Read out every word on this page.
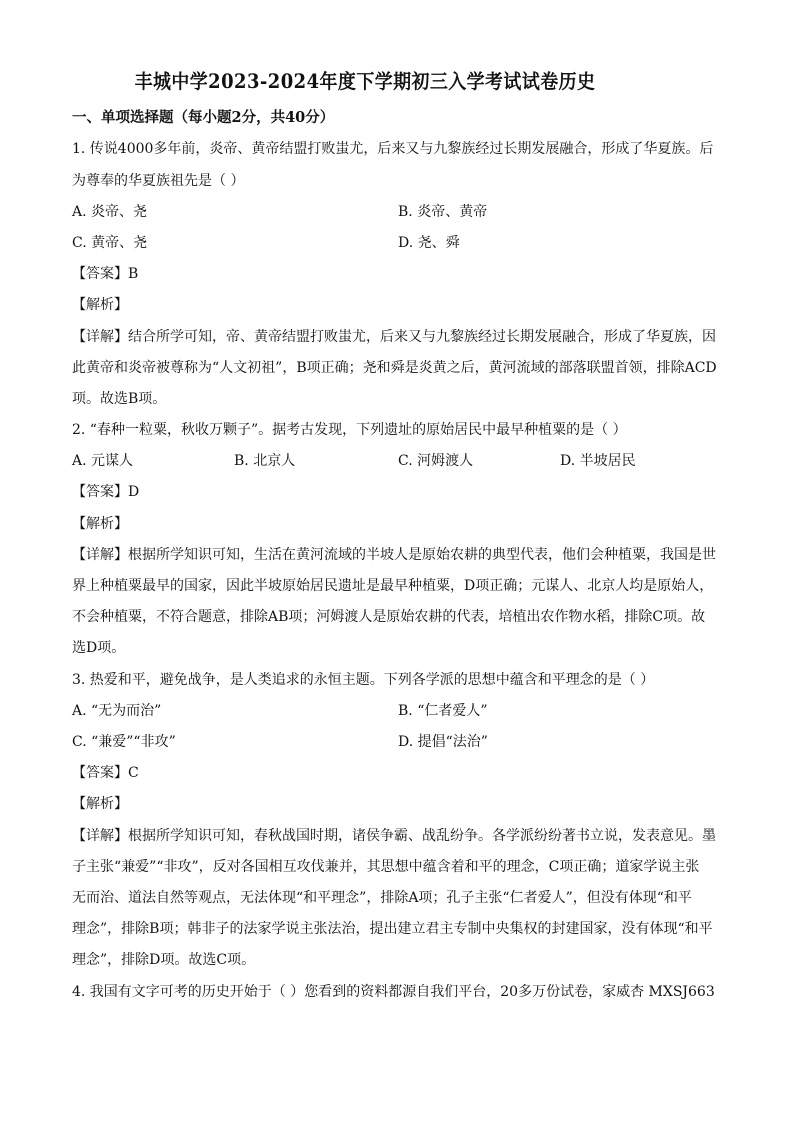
丰城中学2023-2024年度下学期初三入学考试试卷历史
一、单项选择题（每小题2分，共40分）
1. 传说4000多年前，炎帝、黄帝结盟打败蚩尤，后来又与九黎族经过长期发展融合，形成了华夏族。后
为尊奉的华夏族祖先是（ ）
A. 炎帝、尧	B. 炎帝、黄帝
C. 黄帝、尧	D. 尧、舜
【答案】B
【解析】
【详解】结合所学可知，帝、黄帝结盟打败蚩尤，后来又与九黎族经过长期发展融合，形成了华夏族，因
此黄帝和炎帝被尊称为“人文初祖”，B项正确；尧和舜是炎黄之后，黄河流域的部落联盟首领，排除ACD
项。故选B项。
2. “春种一粒粟，秋收万颗子”。据考古发现，下列遗址的原始居民中最早种植粟的是（ ）
A. 元谋人	B. 北京人	C. 河姆渡人	D. 半坡居民
【答案】D
【解析】
【详解】根据所学知识可知，生活在黄河流域的半坡人是原始农耕的典型代表，他们会种植粟，我国是世
界上种植粟最早的国家，因此半坡原始居民遗址是最早种植粟，D项正确；元谋人、北京人均是原始人，
不会种植粟，不符合题意，排除AB项；河姆渡人是原始农耕的代表，培植出农作物水稻，排除C项。故
选D项。
3. 热爱和平，避免战争，是人类追求的永恒主题。下列各学派的思想中蕴含和平理念的是（ ）
A. “无为而治”	B. “仁者爱人”
C. “兼爱”“非攻”	D. 提倡“法治”
【答案】C
【解析】
【详解】根据所学知识可知，春秋战国时期，诸侯争霸、战乱纷争。各学派纷纷著书立说，发表意见。墨
子主张“兼爱”“非攻”，反对各国相互攻伐兼并，其思想中蕴含着和平的理念，C项正确；道家学说主张
无而治、道法自然等观点，无法体现“和平理念”，排除A项；孔子主张“仁者爱人”，但没有体现“和平
理念”，排除B项；韩非子的法家学说主张法治，提出建立君主专制中央集权的封建国家，没有体现“和平
理念”，排除D项。故选C项。
4. 我国有文字可考的历史开始于（ ）您看到的资料都源自我们平台，20多万份试卷，家威杏 MXSJ663
